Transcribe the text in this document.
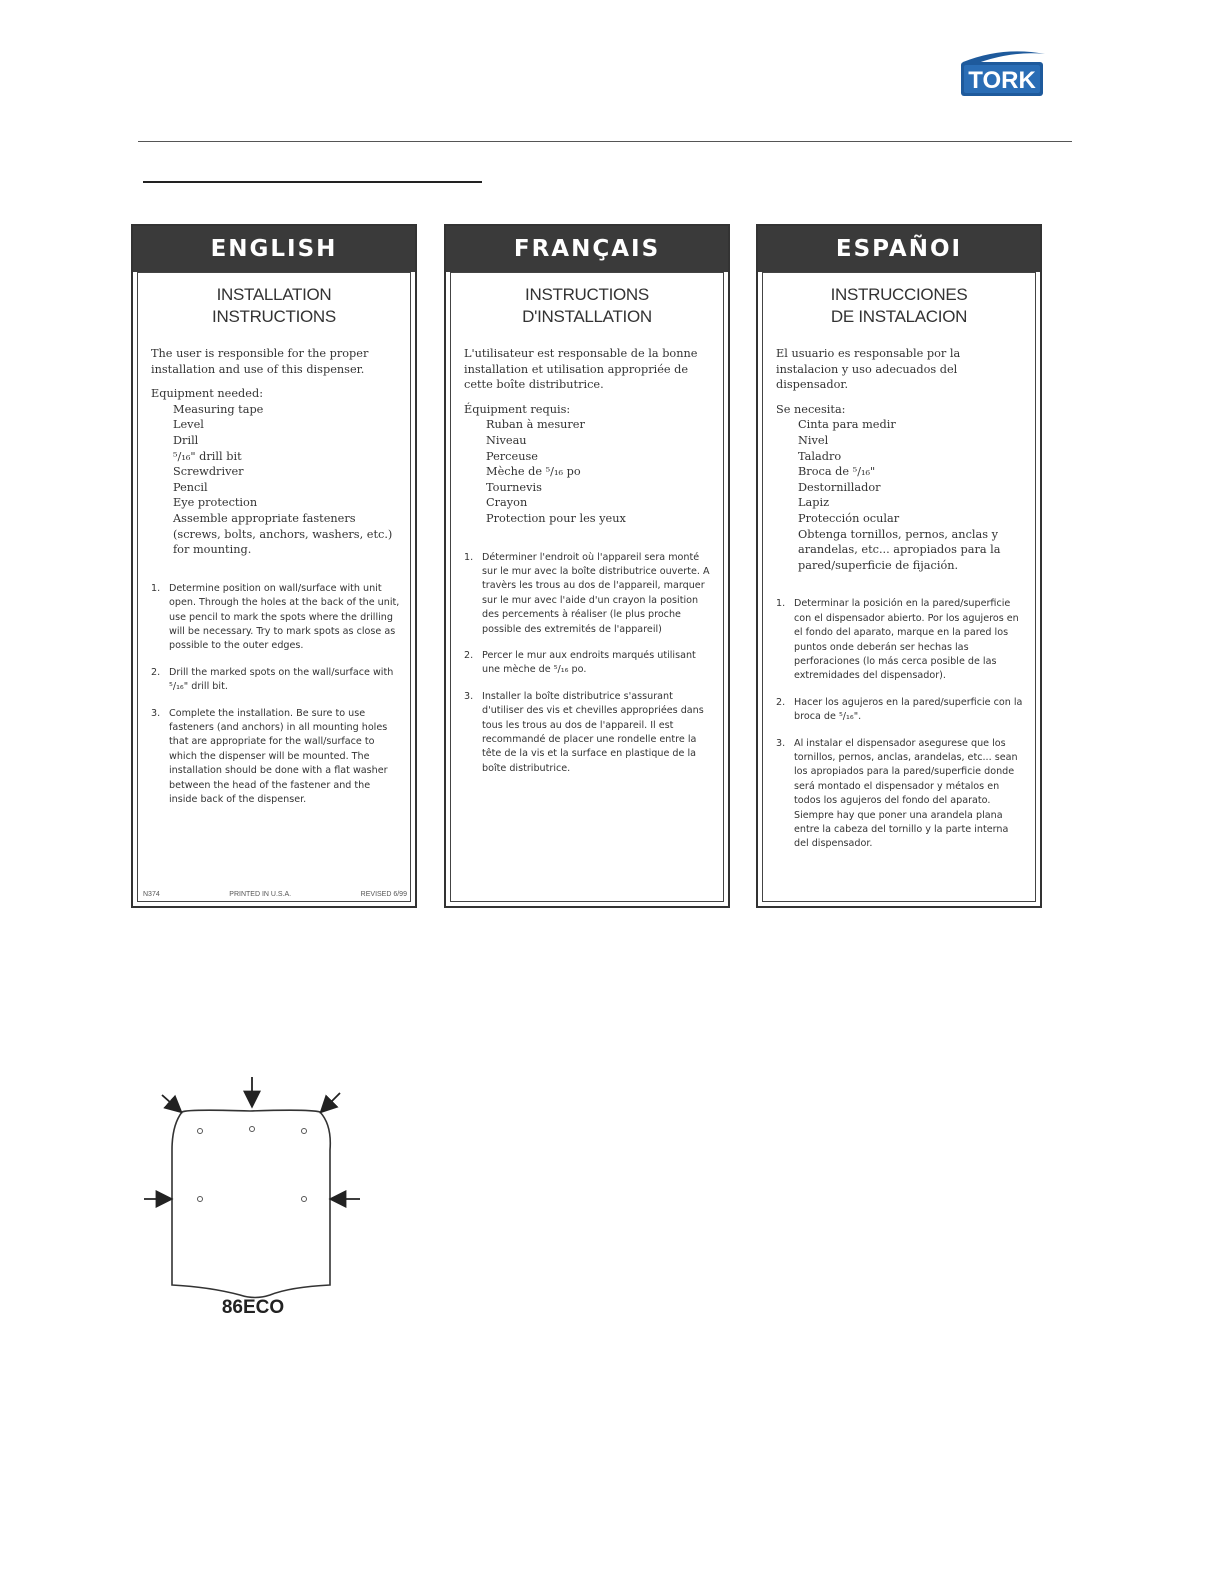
TORK
ENGLISH
INSTALLATION
INSTRUCTIONS

The user is responsible for the proper installation and use of this dispenser.

Equipment needed:

Measuring tape
Level
Drill
⁵/₁₆" drill bit
Screwdriver
Pencil
Eye protection
Assemble appropriate fasteners (screws, bolts, anchors, washers, etc.) for mounting.
1. Determine position on wall/surface with unit open. Through the holes at the back of the unit, use pencil to mark the spots where the drilling will be necessary. Try to mark spots as close as possible to the outer edges.
2. Drill the marked spots on the wall/surface with ⁵/₁₆" drill bit.
3. Complete the installation. Be sure to use fasteners (and anchors) in all mounting holes that are appropriate for the wall/surface to which the dispenser will be mounted. The installation should be done with a flat washer between the head of the fastener and the inside back of the dispenser.
N374	PRINTED IN U.S.A.	REVISED 6/99
FRANÇAIS
INSTRUCTIONS
D'INSTALLATION

L'utilisateur est responsable de la bonne installation et utilisation appropriée de cette boîte distributrice.

Équipment requis:

Ruban à mesurer
Niveau
Perceuse
Mèche de ⁵/₁₆ po
Tournevis
Crayon
Protection pour les yeux
1. Déterminer l'endroit où l'appareil sera monté sur le mur avec la boîte distributrice ouverte. A travèrs les trous au dos de l'appareil, marquer sur le mur avec l'aide d'un crayon la position des percements à réaliser (le plus proche possible des extremités de l'appareil)
2. Percer le mur aux endroits marqués utilisant une mèche de ⁵/₁₆ po.
3. Installer la boîte distributrice s'assurant d'utiliser des vis et chevilles appropriées dans tous les trous au dos de l'appareil. Il est recommandé de placer une rondelle entre la tête de la vis et la surface en plastique de la boîte distributrice.
ESPAÑOI
INSTRUCCIONES
DE INSTALACION

El usuario es responsable por la instalacion y uso adecuados del dispensador.

Se necesita:

Cinta para medir
Nivel
Taladro
Broca de ⁵/₁₆"
Destornillador
Lapiz
Protección ocular
Obtenga tornillos, pernos, anclas y arandelas, etc... apropiados para la pared/superficie de fijación.
1. Determinar la posición en la pared/superficie con el dispensador abierto. Por los agujeros en el fondo del aparato, marque en la pared los puntos onde deberán ser hechas las perforaciones (lo más cerca posible de las extremidades del dispensador).
2. Hacer los agujeros en la pared/superficie con la broca de ⁵/₁₆".
3. Al instalar el dispensador asegurese que los tornillos, pernos, anclas, arandelas, etc... sean los apropiados para la pared/superficie donde será montado el dispensador y métalos en todos los agujeros del fondo del aparato. Siempre hay que poner una arandela plana entre la cabeza del tornillo y la parte interna del dispensador.
86ECO
